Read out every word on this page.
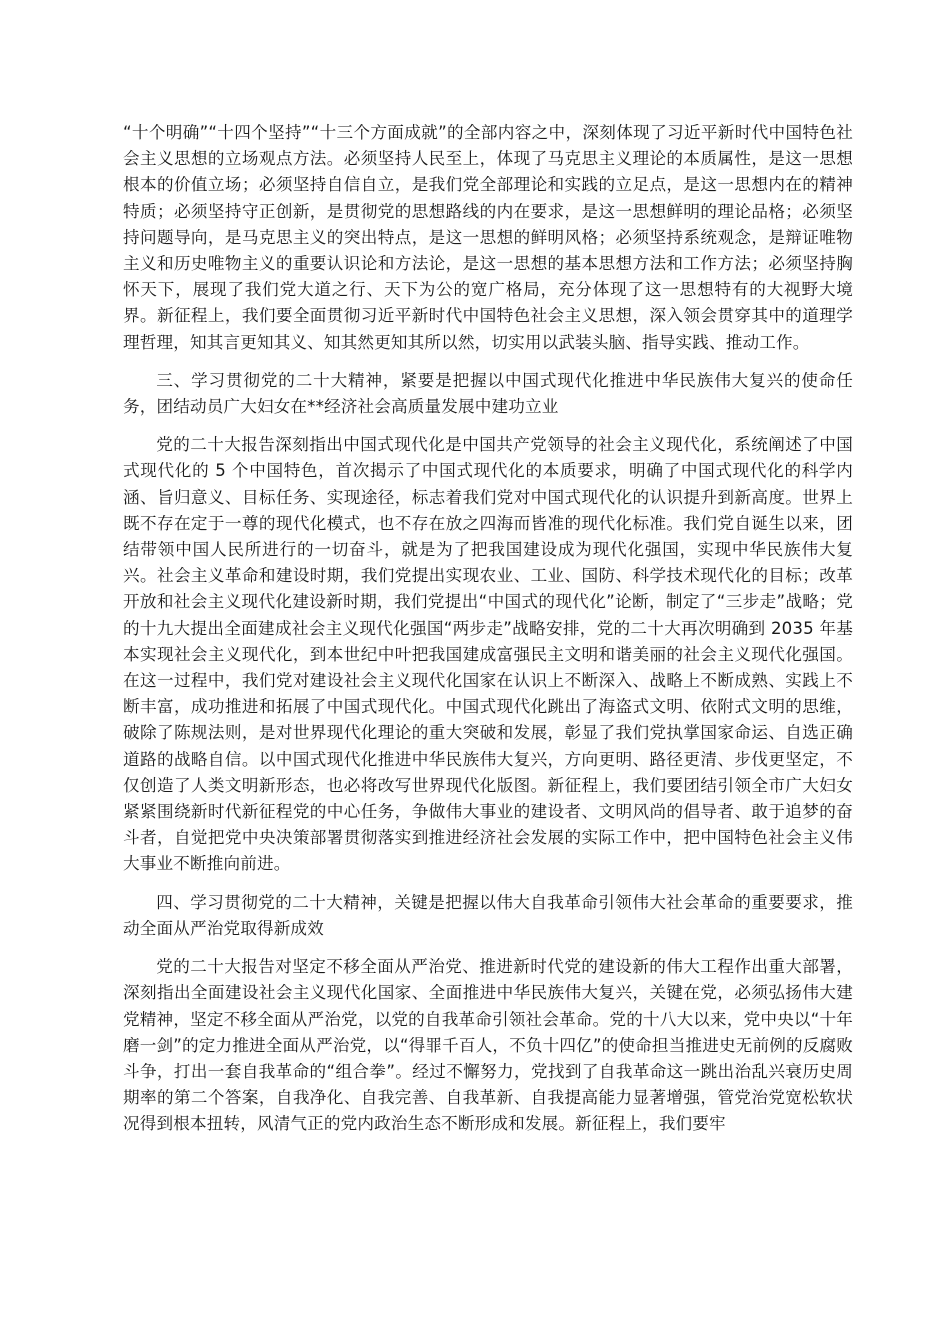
“十个明确”“十四个坚持”“十三个方面成就”的全部内容之中，深刻体现了习近平新时代中国特色社会主义思想的立场观点方法。必须坚持人民至上，体现了马克思主义理论的本质属性，是这一思想根本的价值立场；必须坚持自信自立，是我们党全部理论和实践的立足点，是这一思想内在的精神特质；必须坚持守正创新，是贯彻党的思想路线的内在要求，是这一思想鲜明的理论品格；必须坚持问题导向，是马克思主义的突出特点，是这一思想的鲜明风格；必须坚持系统观念，是辩证唯物主义和历史唯物主义的重要认识论和方法论，是这一思想的基本思想方法和工作方法；必须坚持胸怀天下，展现了我们党大道之行、天下为公的宽广格局，充分体现了这一思想特有的大视野大境界。新征程上，我们要全面贯彻习近平新时代中国特色社会主义思想，深入领会贯穿其中的道理学理哲理，知其言更知其义、知其然更知其所以然，切实用以武装头脑、指导实践、推动工作。

三、学习贯彻党的二十大精神，紧要是把握以中国式现代化推进中华民族伟大复兴的使命任务，团结动员广大妇女在**经济社会高质量发展中建功立业

党的二十大报告深刻指出中国式现代化是中国共产党领导的社会主义现代化，系统阐述了中国式现代化的 5 个中国特色，首次揭示了中国式现代化的本质要求，明确了中国式现代化的科学内涵、旨归意义、目标任务、实现途径，标志着我们党对中国式现代化的认识提升到新高度。世界上既不存在定于一尊的现代化模式，也不存在放之四海而皆准的现代化标准。我们党自诞生以来，团结带领中国人民所进行的一切奋斗，就是为了把我国建设成为现代化强国，实现中华民族伟大复兴。社会主义革命和建设时期，我们党提出实现农业、工业、国防、科学技术现代化的目标；改革开放和社会主义现代化建设新时期，我们党提出“中国式的现代化”论断，制定了“三步走”战略；党的十九大提出全面建成社会主义现代化强国“两步走”战略安排，党的二十大再次明确到 2035 年基本实现社会主义现代化，到本世纪中叶把我国建成富强民主文明和谐美丽的社会主义现代化强国。在这一过程中，我们党对建设社会主义现代化国家在认识上不断深入、战略上不断成熟、实践上不断丰富，成功推进和拓展了中国式现代化。中国式现代化跳出了海盗式文明、依附式文明的思维，破除了陈规法则，是对世界现代化理论的重大突破和发展，彰显了我们党执掌国家命运、自选正确道路的战略自信。以中国式现代化推进中华民族伟大复兴，方向更明、路径更清、步伐更坚定，不仅创造了人类文明新形态，也必将改写世界现代化版图。新征程上，我们要团结引领全市广大妇女紧紧围绕新时代新征程党的中心任务，争做伟大事业的建设者、文明风尚的倡导者、敢于追梦的奋斗者，自觉把党中央决策部署贯彻落实到推进经济社会发展的实际工作中，把中国特色社会主义伟大事业不断推向前进。

四、学习贯彻党的二十大精神，关键是把握以伟大自我革命引领伟大社会革命的重要要求，推动全面从严治党取得新成效

党的二十大报告对坚定不移全面从严治党、推进新时代党的建设新的伟大工程作出重大部署，深刻指出全面建设社会主义现代化国家、全面推进中华民族伟大复兴，关键在党，必须弘扬伟大建党精神，坚定不移全面从严治党，以党的自我革命引领社会革命。党的十八大以来，党中央以“十年磨一剑”的定力推进全面从严治党，以“得罪千百人，不负十四亿”的使命担当推进史无前例的反腐败斗争，打出一套自我革命的“组合拳”。经过不懈努力，党找到了自我革命这一跳出治乱兴衰历史周期率的第二个答案，自我净化、自我完善、自我革新、自我提高能力显著增强，管党治党宽松软状况得到根本扭转，风清气正的党内政治生态不断形成和发展。新征程上，我们要牢
